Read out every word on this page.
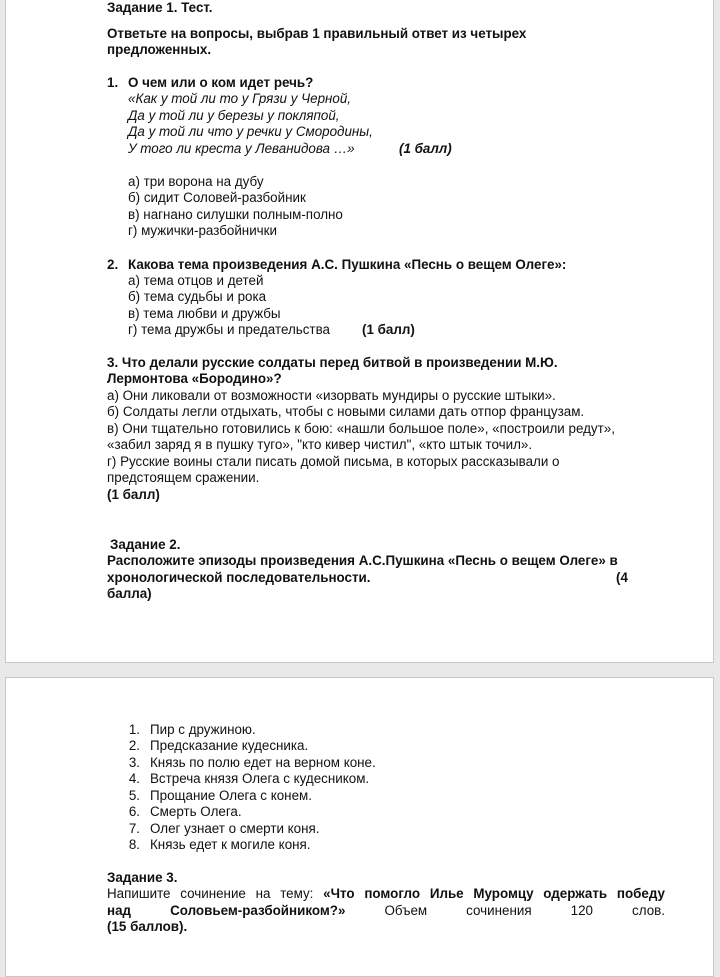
Задание 1. Тест.
Ответьте на вопросы, выбрав 1 правильный ответ из четырех
предложенных.
1. О чем или о ком идет речь?
«Как у той ли то у Грязи у Черной,
Да у той ли у березы у покляпой,
Да у той ли что у речки у Смородины,
У того ли креста у Леванидова …»	(1 балл)
а) три ворона на дубу
б) сидит Соловей-разбойник
в) нагнано силушки полным-полно
г) мужички-разбойнички
2. Какова тема произведения А.С. Пушкина «Песнь о вещем Олеге»:
а) тема отцов и детей
б) тема судьбы и рока
в) тема любви и дружбы
г) тема дружбы и предательства (1 балл)
3. Что делали русские солдаты перед битвой в произведении М.Ю.
Лермонтова «Бородино»?
а) Они ликовали от возможности «изорвать мундиры о русские штыки».
б) Солдаты легли отдыхать, чтобы с новыми силами дать отпор французам.
в) Они тщательно готовились к бою: «нашли большое поле», «построили редут»,
«забил заряд я в пушку туго», "кто кивер чистил", «кто штык точил».
г) Русские воины стали писать домой письма, в которых рассказывали о
предстоящем сражении.
(1 балл)
Задание 2.
Расположите эпизоды произведения А.С.Пушкина «Песнь о вещем Олеге» в
хронологической последовательности.	(4
балла)
1. Пир с дружиною.
2. Предсказание кудесника.
3. Князь по полю едет на верном коне.
4. Встреча князя Олега с кудесником.
5. Прощание Олега с конем.
6. Смерть Олега.
7. Олег узнает о смерти коня.
8. Князь едет к могиле коня.
Задание 3.
Напишите сочинение на тему: «Что помогло Илье Муромцу одержать победу
над Соловьем-разбойником?»	Объем сочинения 120 слов.
(15 баллов).
